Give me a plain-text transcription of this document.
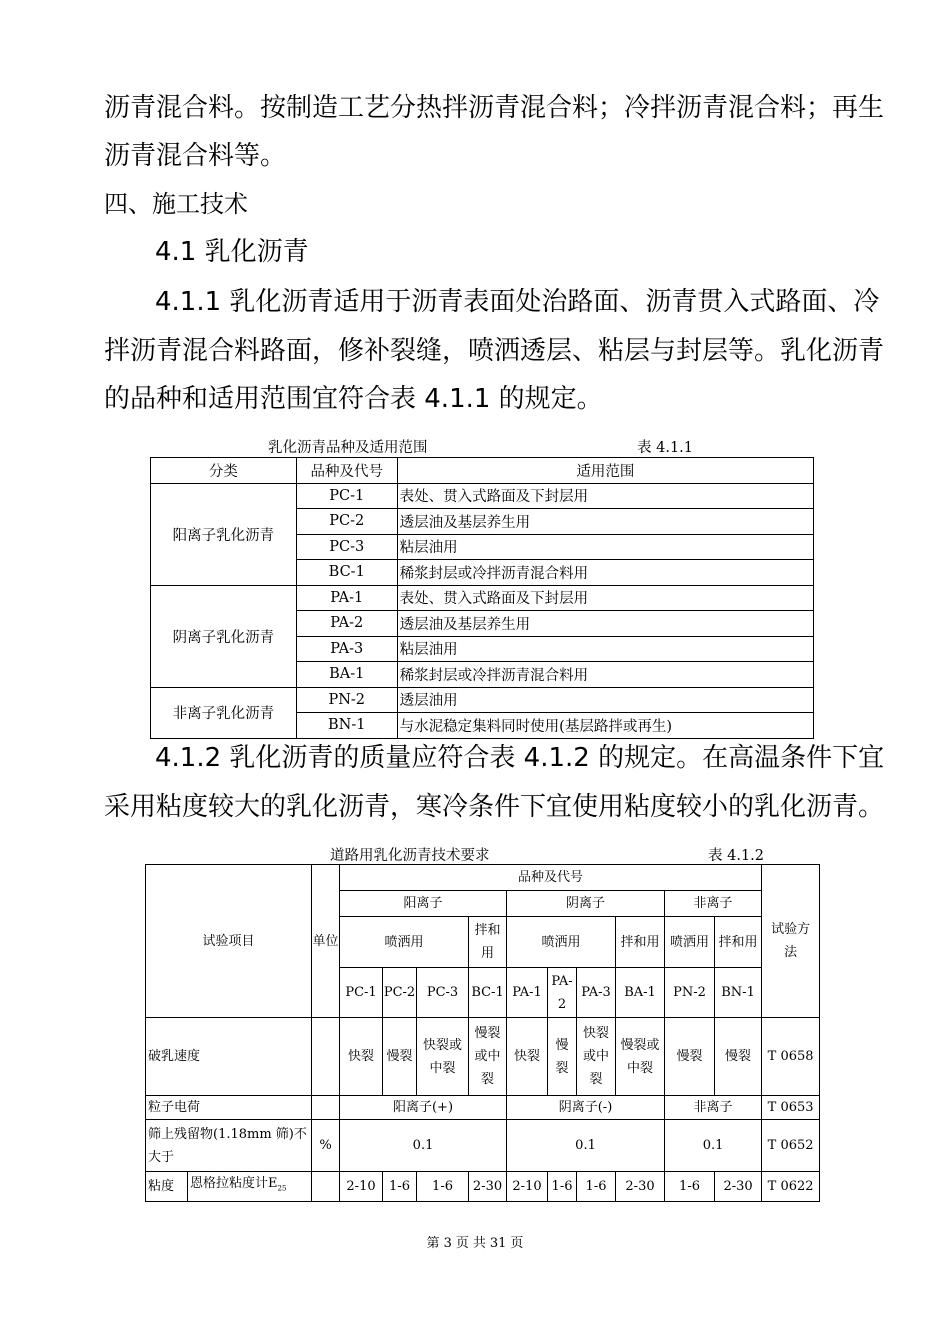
沥青混合料。按制造工艺分热拌沥青混合料；冷拌沥青混合料；再生
沥青混合料等。
四、施工技术
4.1 乳化沥青
4.1.1 乳化沥青适用于沥青表面处治路面、沥青贯入式路面、冷
拌沥青混合料路面，修补裂缝，喷洒透层、粘层与封层等。乳化沥青
的品种和适用范围宜符合表 4.1.1 的规定。
乳化沥青品种及适用范围	表 4.1.1
分类	品种及代号	适用范围
阳离子乳化沥青	PC-1	表处、贯入式路面及下封层用
	PC-2	透层油及基层养生用
	PC-3	粘层油用
	BC-1	稀浆封层或冷拌沥青混合料用
阴离子乳化沥青	PA-1	表处、贯入式路面及下封层用
	PA-2	透层油及基层养生用
	PA-3	粘层油用
	BA-1	稀浆封层或冷拌沥青混合料用
非离子乳化沥青	PN-2	透层油用
	BN-1	与水泥稳定集料同时使用(基层路拌或再生)
4.1.2 乳化沥青的质量应符合表 4.1.2 的规定。在高温条件下宜
采用粘度较大的乳化沥青，寒冷条件下宜使用粘度较小的乳化沥青。
道路用乳化沥青技术要求	表 4.1.2
试验项目		单位	品种及代号										试验方法
			阳离子				阴离子				非离子		
			喷洒用			拌和用	喷洒用			拌和用	喷洒用	拌和用	
			PC-1	PC-2	PC-3	BC-1	PA-1	PA-2	PA-3	BA-1	PN-2	BN-1	
破乳速度			快裂	慢裂	快裂或中裂	慢裂或中裂	快裂	慢裂	快裂或中裂	慢裂或中裂	慢裂	慢裂	T 0658
粒子电荷			阳离子(+)				阴离子(-)				非离子		T 0653
筛上残留物(1.18mm 筛)不大于		%	0.1				0.1				0.1		T 0652
粘度	恩格拉粘度计$E_{25}$		2-10	1-6	1-6	2-30	2-10	1-6	1-6	2-30	1-6	2-30	T 0622
第 3 页 共 31 页
